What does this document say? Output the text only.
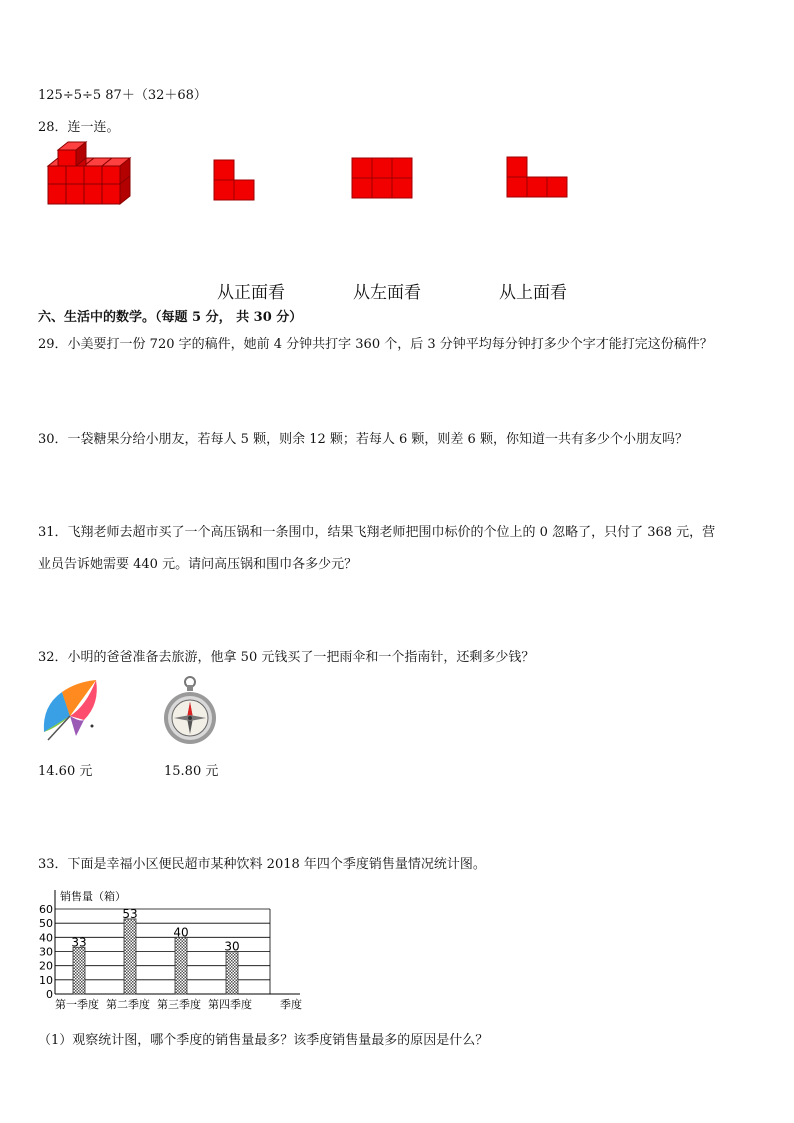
125÷5÷5 87＋（32＋68）
28．连一连。
从正面看	从左面看	从上面看
六、生活中的数学。（每题 5 分， 共 30 分）
29．小美要打一份 720 字的稿件，她前 4 分钟共打字 360 个，后 3 分钟平均每分钟打多少个字才能打完这份稿件？
30．一袋糖果分给小朋友，若每人 5 颗，则余 12 颗；若每人 6 颗，则差 6 颗，你知道一共有多少个小朋友吗？
31．飞翔老师去超市买了一个高压锅和一条围巾，结果飞翔老师把围巾标价的个位上的 0 忽略了，只付了 368 元，营
业员告诉她需要 440 元。请问高压锅和围巾各多少元？
32．小明的爸爸准备去旅游，他拿 50 元钱买了一把雨伞和一个指南针，还剩多少钱？
14.60 元	15.80 元
33．下面是幸福小区便民超市某种饮料 2018 年四个季度销售量情况统计图。
销售量（箱）
0
10
20
30
40
50
60
33
53
40
30
第一季度 第二季度 第三季度 第四季度	季度
（1）观察统计图，哪个季度的销售量最多？该季度销售量最多的原因是什么？
